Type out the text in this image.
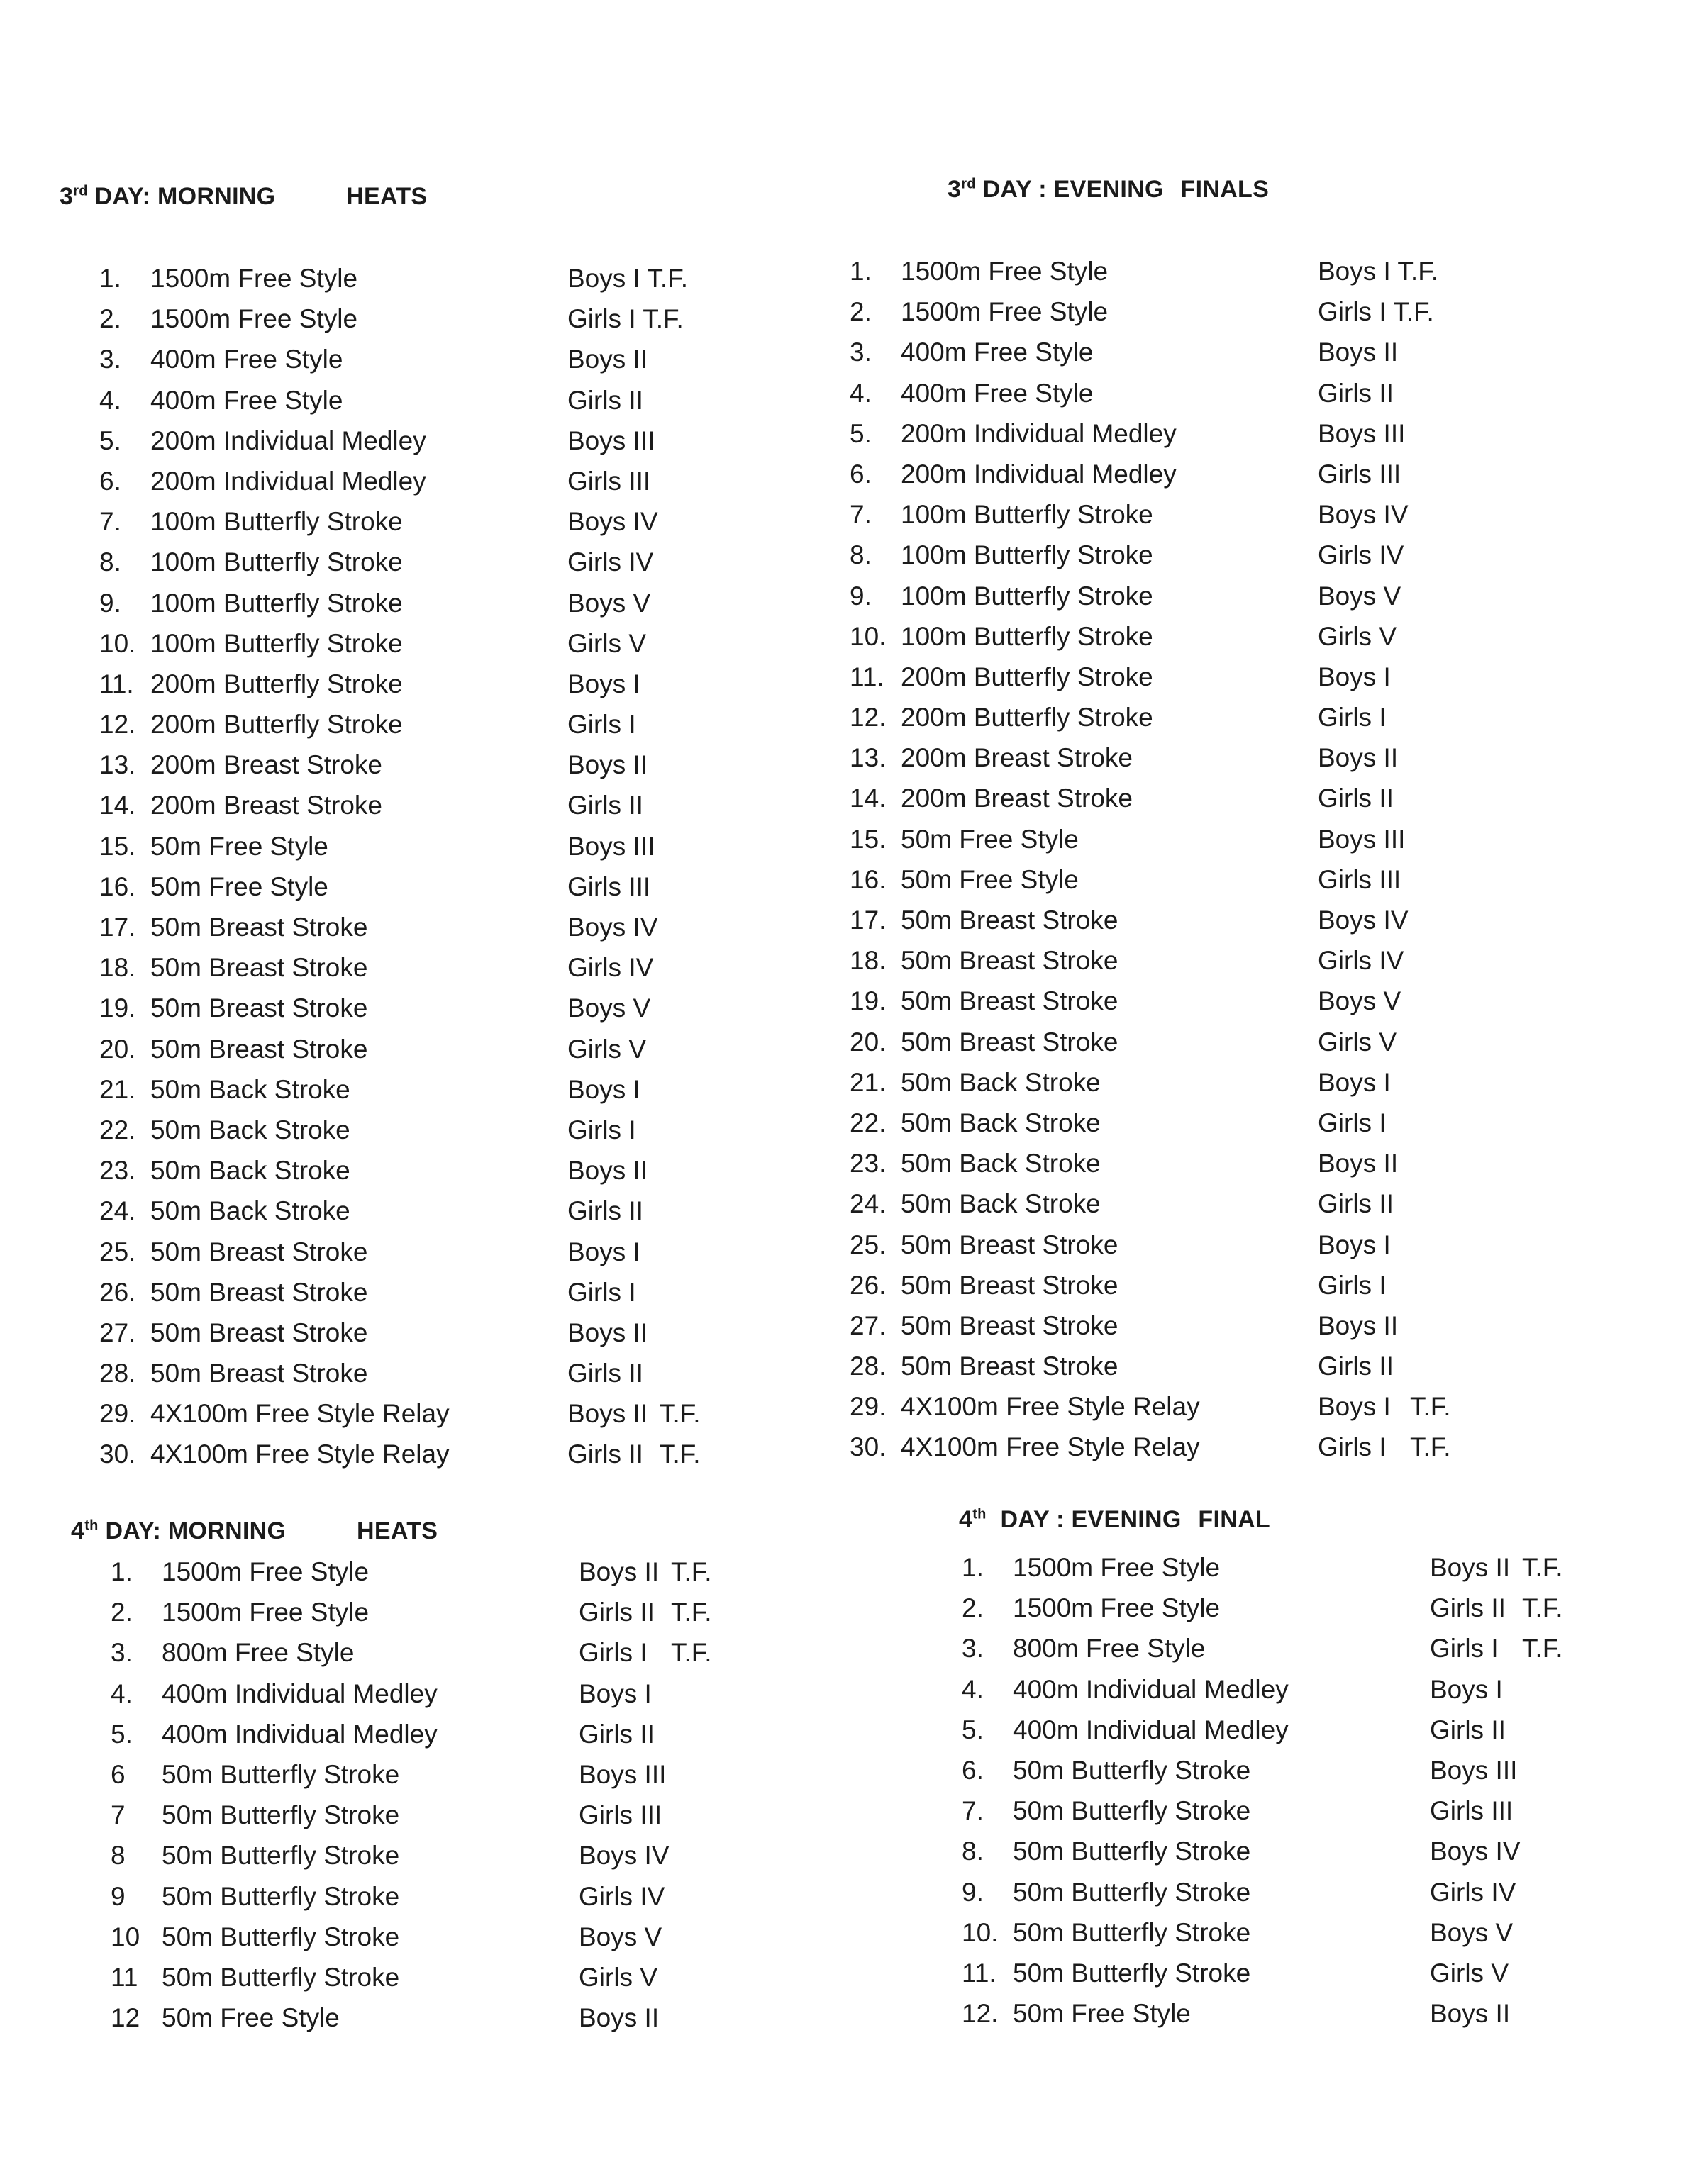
3rd DAY: MORNING	HEATS
1. 1500m Free Style	Boys I T.F.
2. 1500m Free Style	Girls I T.F.
3. 400m Free Style	Boys II
4. 400m Free Style	Girls II
5. 200m Individual Medley	Boys III
6. 200m Individual Medley	Girls III
7. 100m Butterfly Stroke	Boys IV
8. 100m Butterfly Stroke	Girls IV
9. 100m Butterfly Stroke	Boys V
10. 100m Butterfly Stroke	Girls V
11. 200m Butterfly Stroke	Boys I
12. 200m Butterfly Stroke	Girls I
13. 200m Breast Stroke	Boys II
14. 200m Breast Stroke	Girls II
15. 50m Free Style	Boys III
16. 50m Free Style	Girls III
17. 50m Breast Stroke	Boys IV
18. 50m Breast Stroke	Girls IV
19. 50m Breast Stroke	Boys V
20. 50m Breast Stroke	Girls V
21. 50m Back Stroke	Boys I
22. 50m Back Stroke	Girls I
23. 50m Back Stroke	Boys II
24. 50m Back Stroke	Girls II
25. 50m Breast Stroke	Boys I
26. 50m Breast Stroke	Girls I
27. 50m Breast Stroke	Boys II
28. 50m Breast Stroke	Girls II
29. 4X100m Free Style Relay	Boys II T.F.
30. 4X100m Free Style Relay	Girls II T.F.
3rd DAY : EVENING FINALS
1. 1500m Free Style	Boys I T.F.
2. 1500m Free Style	Girls I T.F.
3. 400m Free Style	Boys II
4. 400m Free Style	Girls II
5. 200m Individual Medley	Boys III
6. 200m Individual Medley	Girls III
7. 100m Butterfly Stroke	Boys IV
8. 100m Butterfly Stroke	Girls IV
9. 100m Butterfly Stroke	Boys V
10. 100m Butterfly Stroke	Girls V
11. 200m Butterfly Stroke	Boys I
12. 200m Butterfly Stroke	Girls I
13. 200m Breast Stroke	Boys II
14. 200m Breast Stroke	Girls II
15. 50m Free Style	Boys III
16. 50m Free Style	Girls III
17. 50m Breast Stroke	Boys IV
18. 50m Breast Stroke	Girls IV
19. 50m Breast Stroke	Boys V
20. 50m Breast Stroke	Girls V
21. 50m Back Stroke	Boys I
22. 50m Back Stroke	Girls I
23. 50m Back Stroke	Boys II
24. 50m Back Stroke	Girls II
25. 50m Breast Stroke	Boys I
26. 50m Breast Stroke	Girls I
27. 50m Breast Stroke	Boys II
28. 50m Breast Stroke	Girls II
29. 4X100m Free Style Relay	Boys I T.F.
30. 4X100m Free Style Relay	Girls I T.F.
4th DAY: MORNING	HEATS
1. 1500m Free Style	Boys II T.F.
2. 1500m Free Style	Girls II T.F.
3. 800m Free Style	Girls I T.F.
4. 400m Individual Medley	Boys I
5. 400m Individual Medley	Girls II
6 50m Butterfly Stroke	Boys III
7 50m Butterfly Stroke	Girls III
8 50m Butterfly Stroke	Boys IV
9 50m Butterfly Stroke	Girls IV
10 50m Butterfly Stroke	Boys V
11 50m Butterfly Stroke	Girls V
12 50m Free Style	Boys II
4th DAY : EVENING FINAL
1. 1500m Free Style	Boys II T.F.
2. 1500m Free Style	Girls II T.F.
3. 800m Free Style	Girls I T.F.
4. 400m Individual Medley	Boys I
5. 400m Individual Medley	Girls II
6. 50m Butterfly Stroke	Boys III
7. 50m Butterfly Stroke	Girls III
8. 50m Butterfly Stroke	Boys IV
9. 50m Butterfly Stroke	Girls IV
10. 50m Butterfly Stroke	Boys V
11. 50m Butterfly Stroke	Girls V
12. 50m Free Style	Boys II
